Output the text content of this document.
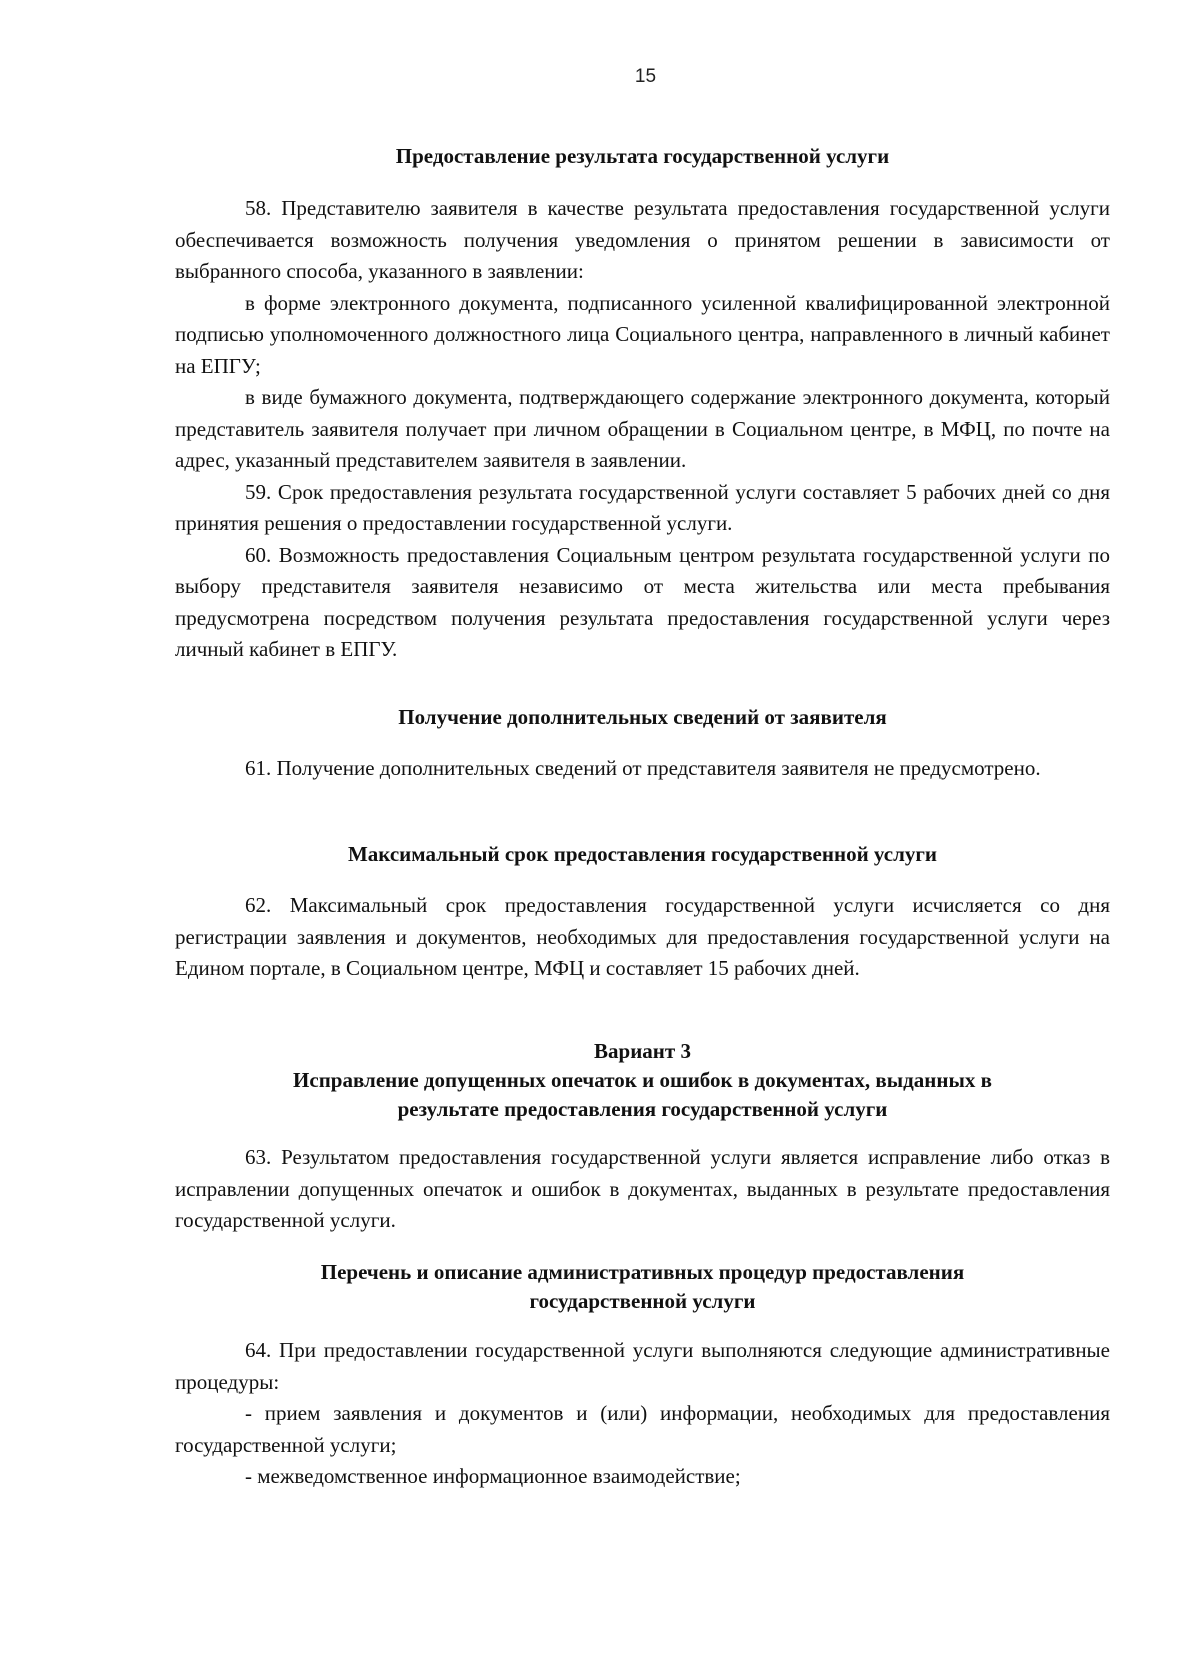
15
Предоставление результата государственной услуги

58. Представителю заявителя в качестве результата предоставления государственной услуги обеспечивается возможность получения уведомления о принятом решении в зависимости от выбранного способа, указанного в заявлении:

в форме электронного документа, подписанного усиленной квалифицированной электронной подписью уполномоченного должностного лица Социального центра, направленного в личный кабинет на ЕПГУ;

в виде бумажного документа, подтверждающего содержание электронного документа, который представитель заявителя получает при личном обращении в Социальном центре, в МФЦ, по почте на адрес, указанный представителем заявителя в заявлении.

59. Срок предоставления результата государственной услуги составляет 5 рабочих дней со дня принятия решения о предоставлении государственной услуги.

60. Возможность предоставления Социальным центром результата государственной услуги по выбору представителя заявителя независимо от места жительства или места пребывания предусмотрена посредством получения результата предоставления государственной услуги через личный кабинет в ЕПГУ.

Получение дополнительных сведений от заявителя

61. Получение дополнительных сведений от представителя заявителя не предусмотрено.

Максимальный срок предоставления государственной услуги

62. Максимальный срок предоставления государственной услуги исчисляется со дня регистрации заявления и документов, необходимых для предоставления государственной услуги на Едином портале, в Социальном центре, МФЦ и составляет 15 рабочих дней.

Вариант 3
Исправление допущенных опечаток и ошибок в документах, выданных в
результате предоставления государственной услуги

63. Результатом предоставления государственной услуги является исправление либо отказ в исправлении допущенных опечаток и ошибок в документах, выданных в результате предоставления государственной услуги.

Перечень и описание административных процедур предоставления
государственной услуги

64. При предоставлении государственной услуги выполняются следующие административные процедуры:

- прием заявления и документов и (или) информации, необходимых для предоставления государственной услуги;

- межведомственное информационное взаимодействие;
